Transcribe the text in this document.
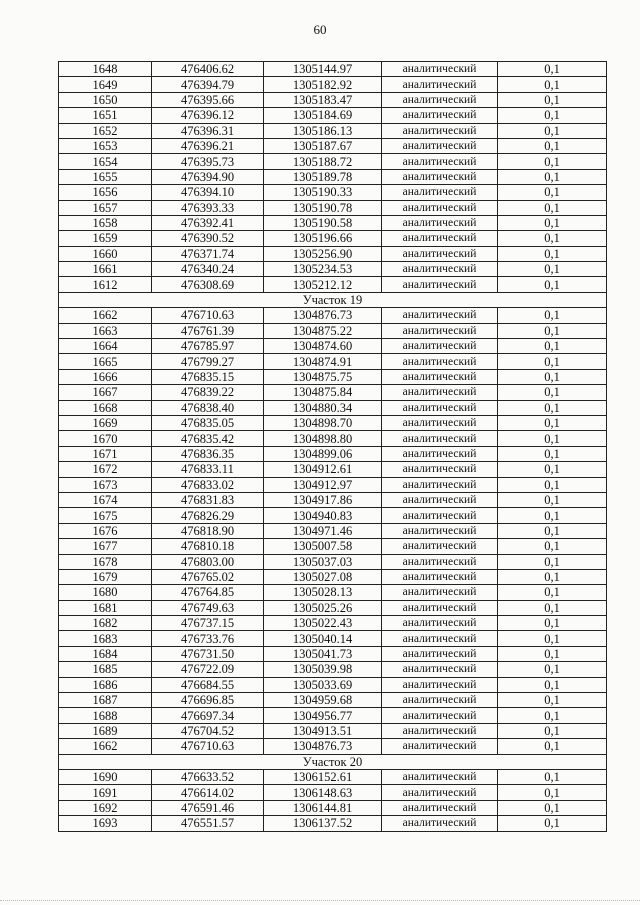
60
1648	476406.62	1305144.97	аналитический	0,1
1649	476394.79	1305182.92	аналитический	0,1
1650	476395.66	1305183.47	аналитический	0,1
1651	476396.12	1305184.69	аналитический	0,1
1652	476396.31	1305186.13	аналитический	0,1
1653	476396.21	1305187.67	аналитический	0,1
1654	476395.73	1305188.72	аналитический	0,1
1655	476394.90	1305189.78	аналитический	0,1
1656	476394.10	1305190.33	аналитический	0,1
1657	476393.33	1305190.78	аналитический	0,1
1658	476392.41	1305190.58	аналитический	0,1
1659	476390.52	1305196.66	аналитический	0,1
1660	476371.74	1305256.90	аналитический	0,1
1661	476340.24	1305234.53	аналитический	0,1
1612	476308.69	1305212.12	аналитический	0,1
Участок 19				
1662	476710.63	1304876.73	аналитический	0,1
1663	476761.39	1304875.22	аналитический	0,1
1664	476785.97	1304874.60	аналитический	0,1
1665	476799.27	1304874.91	аналитический	0,1
1666	476835.15	1304875.75	аналитический	0,1
1667	476839.22	1304875.84	аналитический	0,1
1668	476838.40	1304880.34	аналитический	0,1
1669	476835.05	1304898.70	аналитический	0,1
1670	476835.42	1304898.80	аналитический	0,1
1671	476836.35	1304899.06	аналитический	0,1
1672	476833.11	1304912.61	аналитический	0,1
1673	476833.02	1304912.97	аналитический	0,1
1674	476831.83	1304917.86	аналитический	0,1
1675	476826.29	1304940.83	аналитический	0,1
1676	476818.90	1304971.46	аналитический	0,1
1677	476810.18	1305007.58	аналитический	0,1
1678	476803.00	1305037.03	аналитический	0,1
1679	476765.02	1305027.08	аналитический	0,1
1680	476764.85	1305028.13	аналитический	0,1
1681	476749.63	1305025.26	аналитический	0,1
1682	476737.15	1305022.43	аналитический	0,1
1683	476733.76	1305040.14	аналитический	0,1
1684	476731.50	1305041.73	аналитический	0,1
1685	476722.09	1305039.98	аналитический	0,1
1686	476684.55	1305033.69	аналитический	0,1
1687	476696.85	1304959.68	аналитический	0,1
1688	476697.34	1304956.77	аналитический	0,1
1689	476704.52	1304913.51	аналитический	0,1
1662	476710.63	1304876.73	аналитический	0,1
Участок 20				
1690	476633.52	1306152.61	аналитический	0,1
1691	476614.02	1306148.63	аналитический	0,1
1692	476591.46	1306144.81	аналитический	0,1
1693	476551.57	1306137.52	аналитический	0,1
